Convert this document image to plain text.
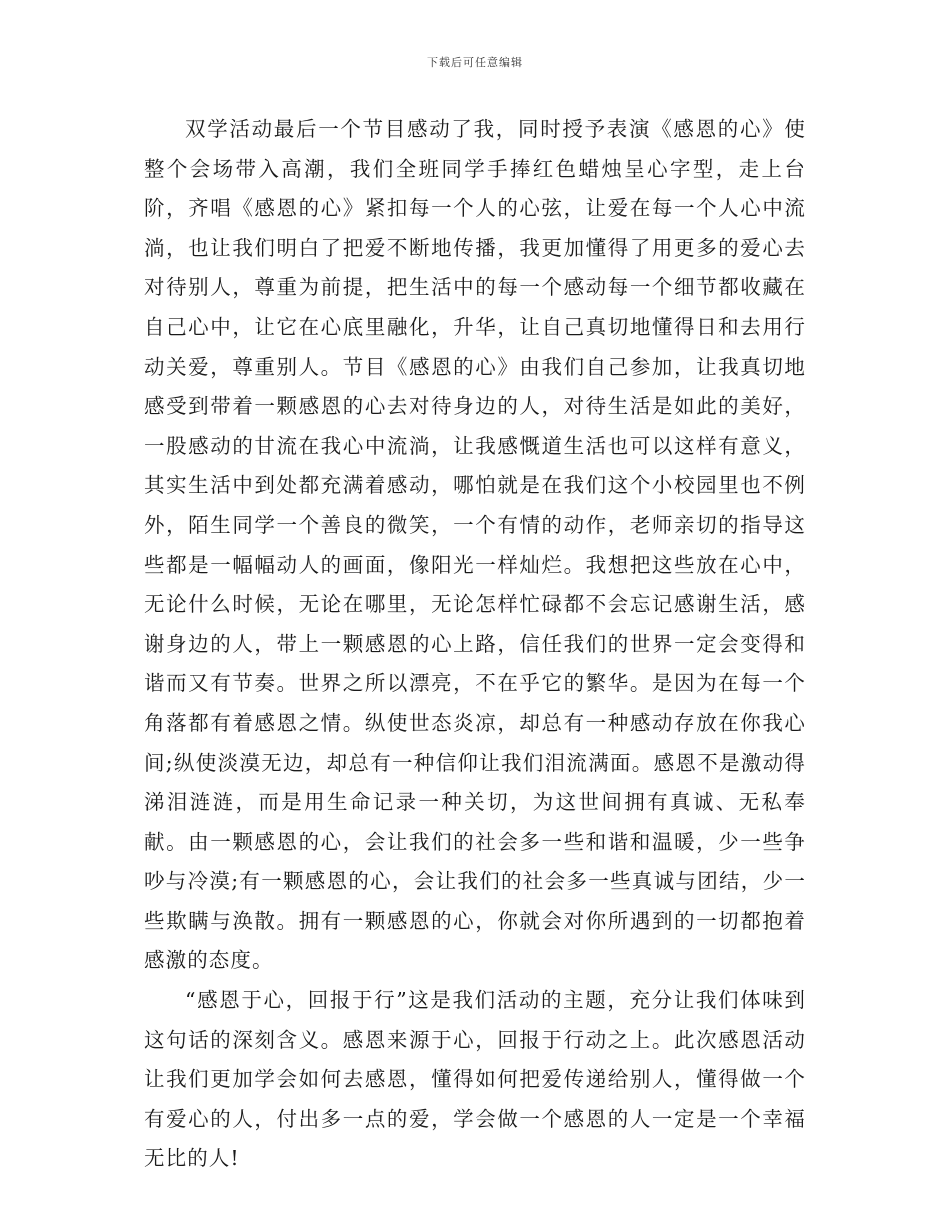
下载后可任意编辑

双学活动最后一个节目感动了我，同时授予表演《感恩的心》使整个会场带入高潮，我们全班同学手捧红色蜡烛呈心字型，走上台阶，齐唱《感恩的心》紧扣每一个人的心弦，让爱在每一个人心中流淌，也让我们明白了把爱不断地传播，我更加懂得了用更多的爱心去对待别人，尊重为前提，把生活中的每一个感动每一个细节都收藏在自己心中，让它在心底里融化，升华，让自己真切地懂得日和去用行动关爱，尊重别人。节目《感恩的心》由我们自己参加，让我真切地感受到带着一颗感恩的心去对待身边的人，对待生活是如此的美好，一股感动的甘流在我心中流淌，让我感慨道生活也可以这样有意义，其实生活中到处都充满着感动，哪怕就是在我们这个小校园里也不例外，陌生同学一个善良的微笑，一个有情的动作，老师亲切的指导这些都是一幅幅动人的画面，像阳光一样灿烂。我想把这些放在心中，无论什么时候，无论在哪里，无论怎样忙碌都不会忘记感谢生活，感谢身边的人，带上一颗感恩的心上路，信任我们的世界一定会变得和谐而又有节奏。世界之所以漂亮，不在乎它的繁华。是因为在每一个角落都有着感恩之情。纵使世态炎凉，却总有一种感动存放在你我心间;纵使淡漠无边，却总有一种信仰让我们泪流满面。感恩不是激动得涕泪涟涟，而是用生命记录一种关切，为这世间拥有真诚、无私奉献。由一颗感恩的心，会让我们的社会多一些和谐和温暖，少一些争吵与冷漠;有一颗感恩的心，会让我们的社会多一些真诚与团结，少一些欺瞒与涣散。拥有一颗感恩的心，你就会对你所遇到的一切都抱着感激的态度。

“感恩于心，回报于行”这是我们活动的主题，充分让我们体味到这句话的深刻含义。感恩来源于心，回报于行动之上。此次感恩活动让我们更加学会如何去感恩，懂得如何把爱传递给别人，懂得做一个有爱心的人，付出多一点的爱，学会做一个感恩的人一定是一个幸福无比的人!
